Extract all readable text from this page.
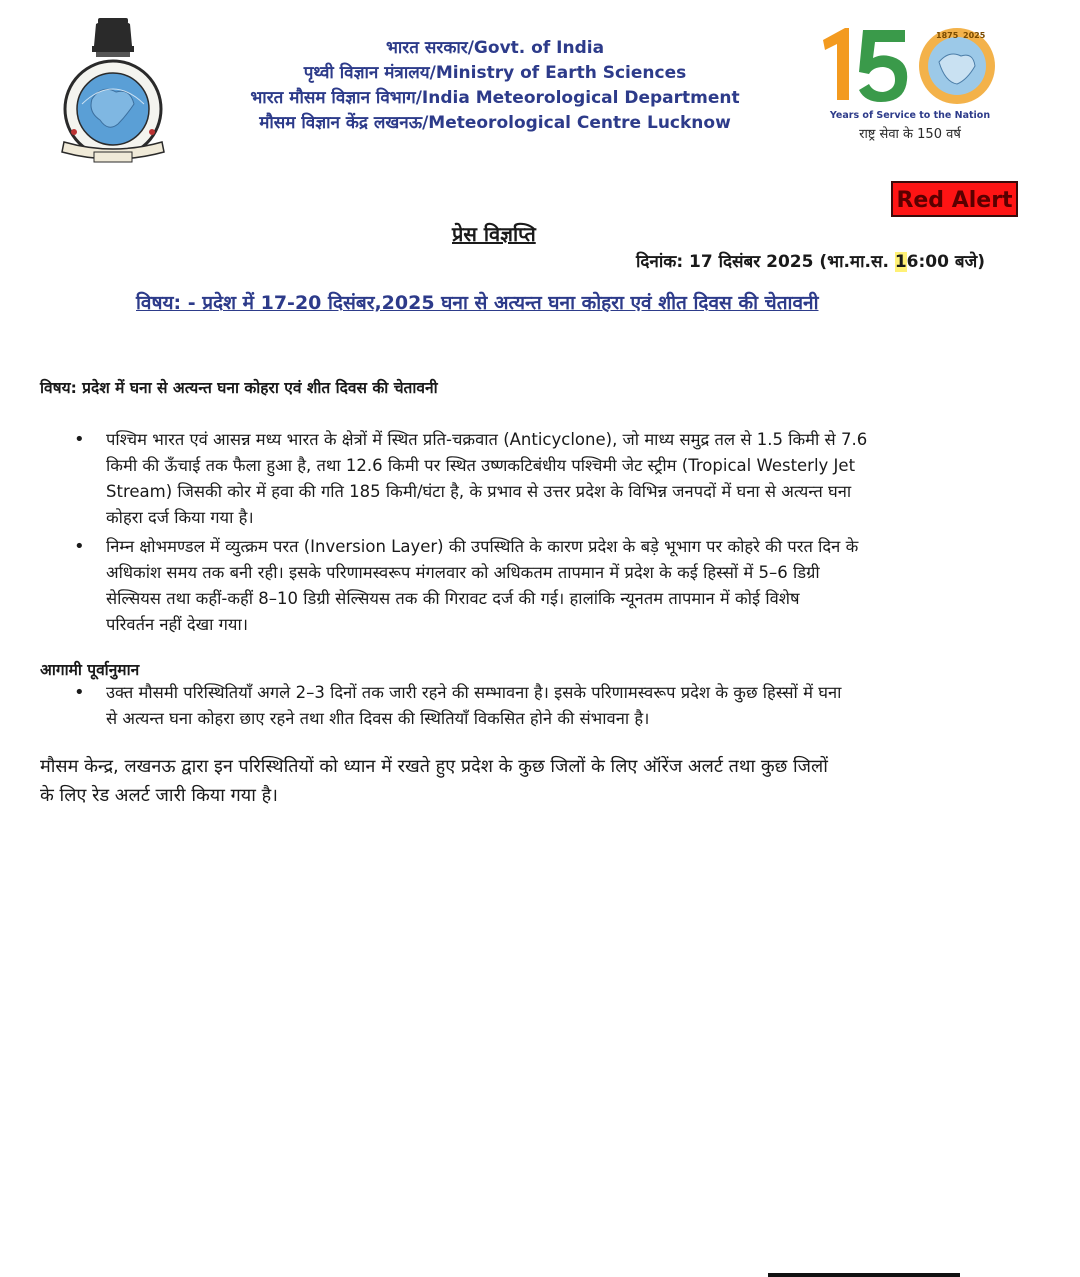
भारत सरकार/Govt. of India
पृथ्वी विज्ञान मंत्रालय/Ministry of Earth Sciences
भारत मौसम विज्ञान विभाग/India Meteorological Department
मौसम विज्ञान केंद्र लखनऊ/Meteorological Centre Lucknow
1875 2025
Years of Service to the Nation
राष्ट्र सेवा के 150 वर्ष
Red Alert
प्रेस विज्ञप्ति
दिनांक: 17 दिसंबर 2025 (भा.मा.स. 16:00 बजे)
विषय: - प्रदेश में 17-20 दिसंबर,2025 घना से अत्यन्त घना कोहरा एवं शीत दिवस की चेतावनी
विषय: प्रदेश में घना से अत्यन्त घना कोहरा एवं शीत दिवस की चेतावनी
• पश्चिम भारत एवं आसन्न मध्य भारत के क्षेत्रों में स्थित प्रति-चक्रवात (Anticyclone), जो माध्य समुद्र तल से 1.5 किमी से 7.6
किमी की ऊँचाई तक फैला हुआ है, तथा 12.6 किमी पर स्थित उष्णकटिबंधीय पश्चिमी जेट स्ट्रीम (Tropical Westerly Jet
Stream) जिसकी कोर में हवा की गति 185 किमी/घंटा है, के प्रभाव से उत्तर प्रदेश के विभिन्न जनपदों में घना से अत्यन्त घना
कोहरा दर्ज किया गया है।
• निम्न क्षोभमण्डल में व्युत्क्रम परत (Inversion Layer) की उपस्थिति के कारण प्रदेश के बड़े भूभाग पर कोहरे की परत दिन के
अधिकांश समय तक बनी रही। इसके परिणामस्वरूप मंगलवार को अधिकतम तापमान में प्रदेश के कई हिस्सों में 5–6 डिग्री
सेल्सियस तथा कहीं-कहीं 8–10 डिग्री सेल्सियस तक की गिरावट दर्ज की गई। हालांकि न्यूनतम तापमान में कोई विशेष
परिवर्तन नहीं देखा गया।
आगामी पूर्वानुमान
• उक्त मौसमी परिस्थितियाँ अगले 2–3 दिनों तक जारी रहने की सम्भावना है। इसके परिणामस्वरूप प्रदेश के कुछ हिस्सों में घना
से अत्यन्त घना कोहरा छाए रहने तथा शीत दिवस की स्थितियाँ विकसित होने की संभावना है।
मौसम केन्द्र, लखनऊ द्वारा इन परिस्थितियों को ध्यान में रखते हुए प्रदेश के कुछ जिलों के लिए ऑरेंज अलर्ट तथा कुछ जिलों
के लिए रेड अलर्ट जारी किया गया है।
